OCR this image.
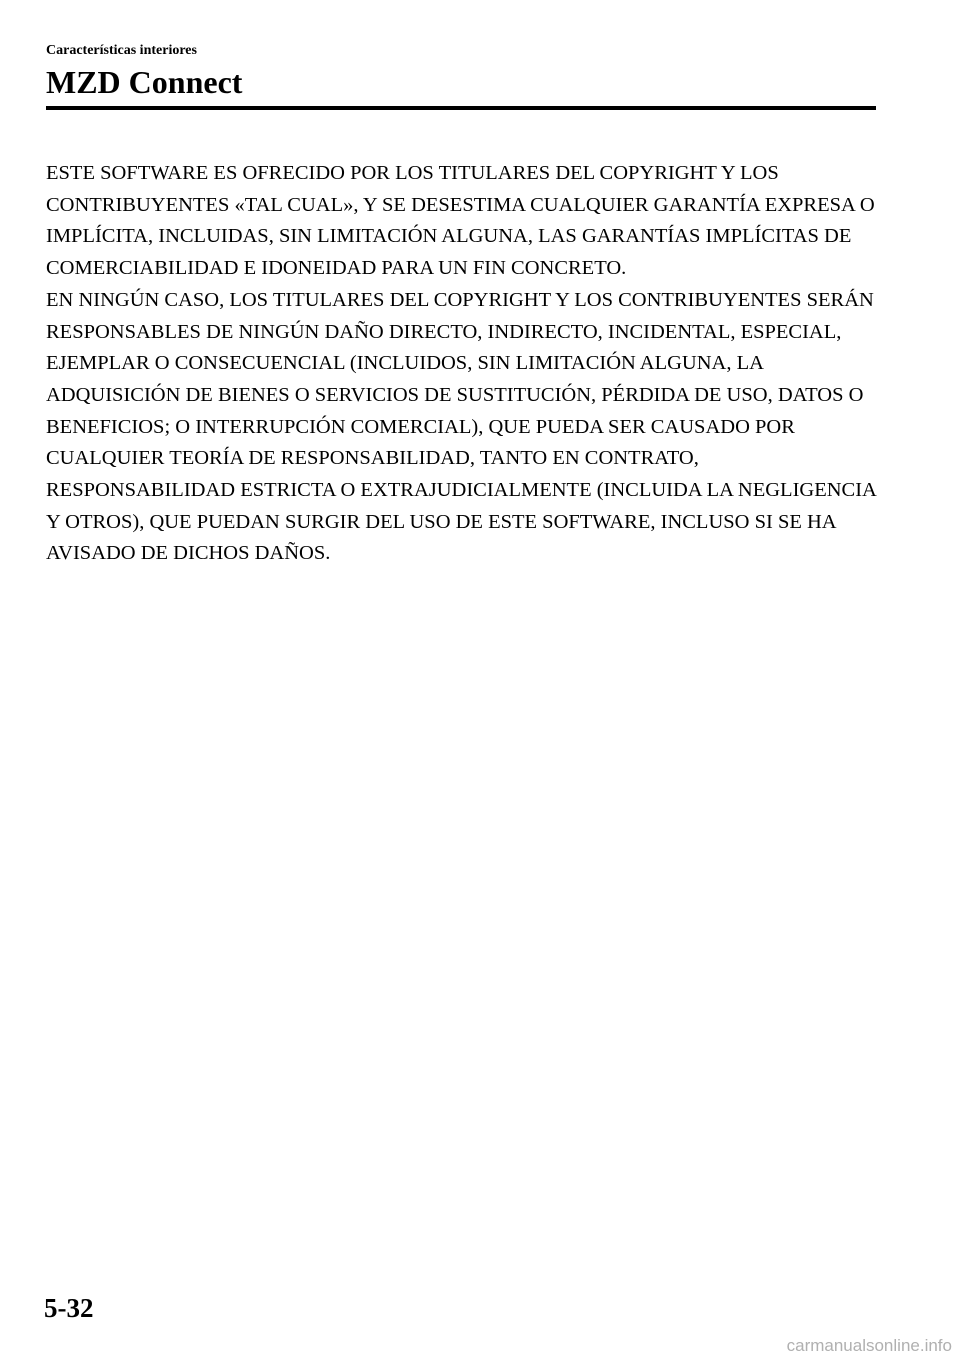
Características interiores

MZD Connect

ESTE SOFTWARE ES OFRECIDO POR LOS TITULARES DEL COPYRIGHT Y LOS CONTRIBUYENTES «TAL CUAL», Y SE DESESTIMA CUALQUIER GARANTÍA EXPRESA O IMPLÍCITA, INCLUIDAS, SIN LIMITACIÓN ALGUNA, LAS GARANTÍAS IMPLÍCITAS DE COMERCIABILIDAD E IDONEIDAD PARA UN FIN CONCRETO.

EN NINGÚN CASO, LOS TITULARES DEL COPYRIGHT Y LOS CONTRIBUYENTES SERÁN RESPONSABLES DE NINGÚN DAÑO DIRECTO, INDIRECTO, INCIDENTAL, ESPECIAL, EJEMPLAR O CONSECUENCIAL (INCLUIDOS, SIN LIMITACIÓN ALGUNA, LA ADQUISICIÓN DE BIENES O SERVICIOS DE SUSTITUCIÓN, PÉRDIDA DE USO, DATOS O BENEFICIOS; O INTERRUPCIÓN COMERCIAL), QUE PUEDA SER CAUSADO POR CUALQUIER TEORÍA DE RESPONSABILIDAD, TANTO EN CONTRATO, RESPONSABILIDAD ESTRICTA O EXTRAJUDICIALMENTE (INCLUIDA LA NEGLIGENCIA Y OTROS), QUE PUEDAN SURGIR DEL USO DE ESTE SOFTWARE, INCLUSO SI SE HA AVISADO DE DICHOS DAÑOS.

5-32
carmanualsonline.info
